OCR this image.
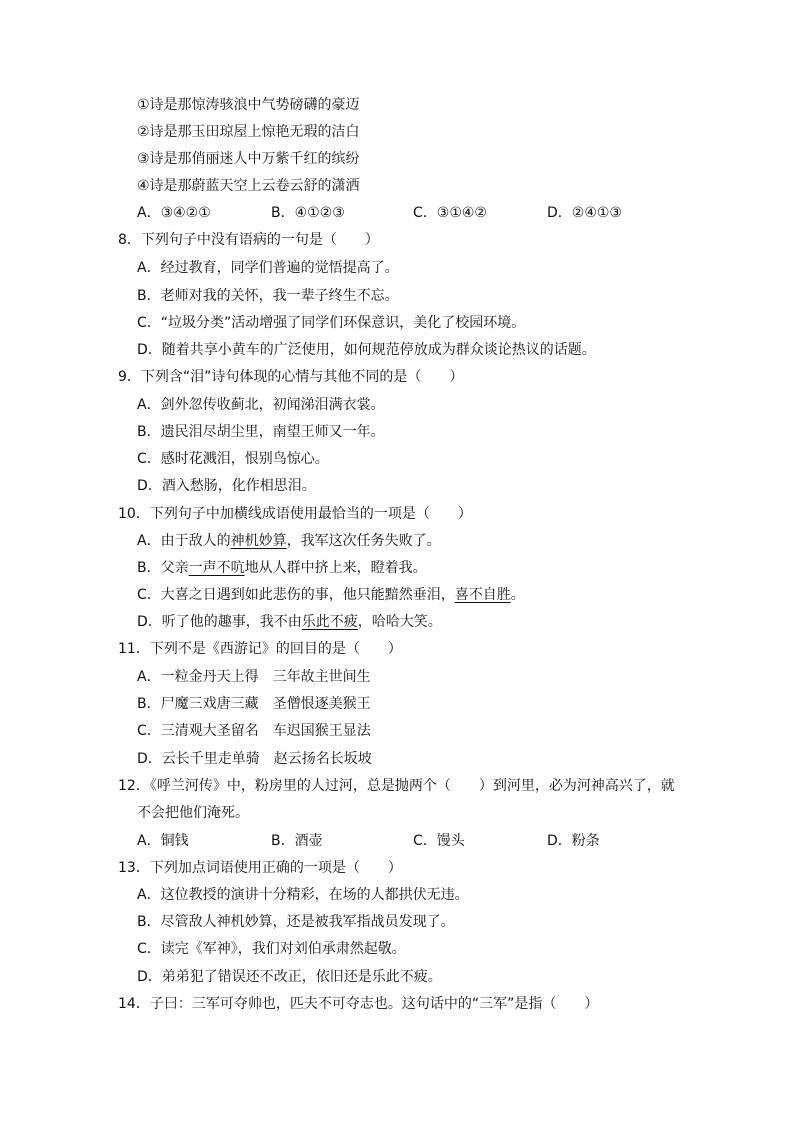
①诗是那惊涛骇浪中气势磅礴的豪迈
②诗是那玉田琼屋上惊艳无瑕的洁白
③诗是那俏丽迷人中万紫千红的缤纷
④诗是那蔚蓝天空上云卷云舒的潇洒
A．③④②①	B．④①②③	C．③①④②	D．②④①③
8．下列句子中没有语病的一句是（　　）
A．经过教育，同学们普遍的觉悟提高了。
B．老师对我的关怀，我一辈子终生不忘。
C．“垃圾分类”活动增强了同学们环保意识，美化了校园环境。
D．随着共享小黄车的广泛使用，如何规范停放成为群众谈论热议的话题。
9．下列含“泪”诗句体现的心情与其他不同的是（　　）
A．剑外忽传收蓟北，初闻涕泪满衣裳。
B．遗民泪尽胡尘里，南望王师又一年。
C．感时花溅泪，恨别鸟惊心。
D．酒入愁肠，化作相思泪。
10．下列句子中加横线成语使用最恰当的一项是（　　）
A．由于敌人的神机妙算，我军这次任务失败了。
B．父亲一声不吭地从人群中挤上来，瞪着我。
C．大喜之日遇到如此悲伤的事，他只能黯然垂泪，喜不自胜。
D．听了他的趣事，我不由乐此不疲，哈哈大笑。
11．下列不是《西游记》的回目的是（　　）
A．一粒金丹天上得　三年故主世间生
B．尸魔三戏唐三藏　圣僧恨逐美猴王
C．三清观大圣留名　车迟国猴王显法
D．云长千里走单骑　赵云扬名长坂坡
12．《呼兰河传》中，粉房里的人过河，总是抛两个（　　）到河里，必为河神高兴了，就
不会把他们淹死。
A．铜钱	B．酒壶	C．馒头	D．粉条
13．下列加点词语使用正确的一项是（　　）
A．这位教授的演讲十分精彩，在场的人都拱伏无违。
B．尽管敌人神机妙算，还是被我军指战员发现了。
C．读完《军神》，我们对刘伯承肃然起敬。
D．弟弟犯了错误还不改正，依旧还是乐此不疲。
14．子曰：三军可夺帅也，匹夫不可夺志也。这句话中的“三军”是指（　　）
